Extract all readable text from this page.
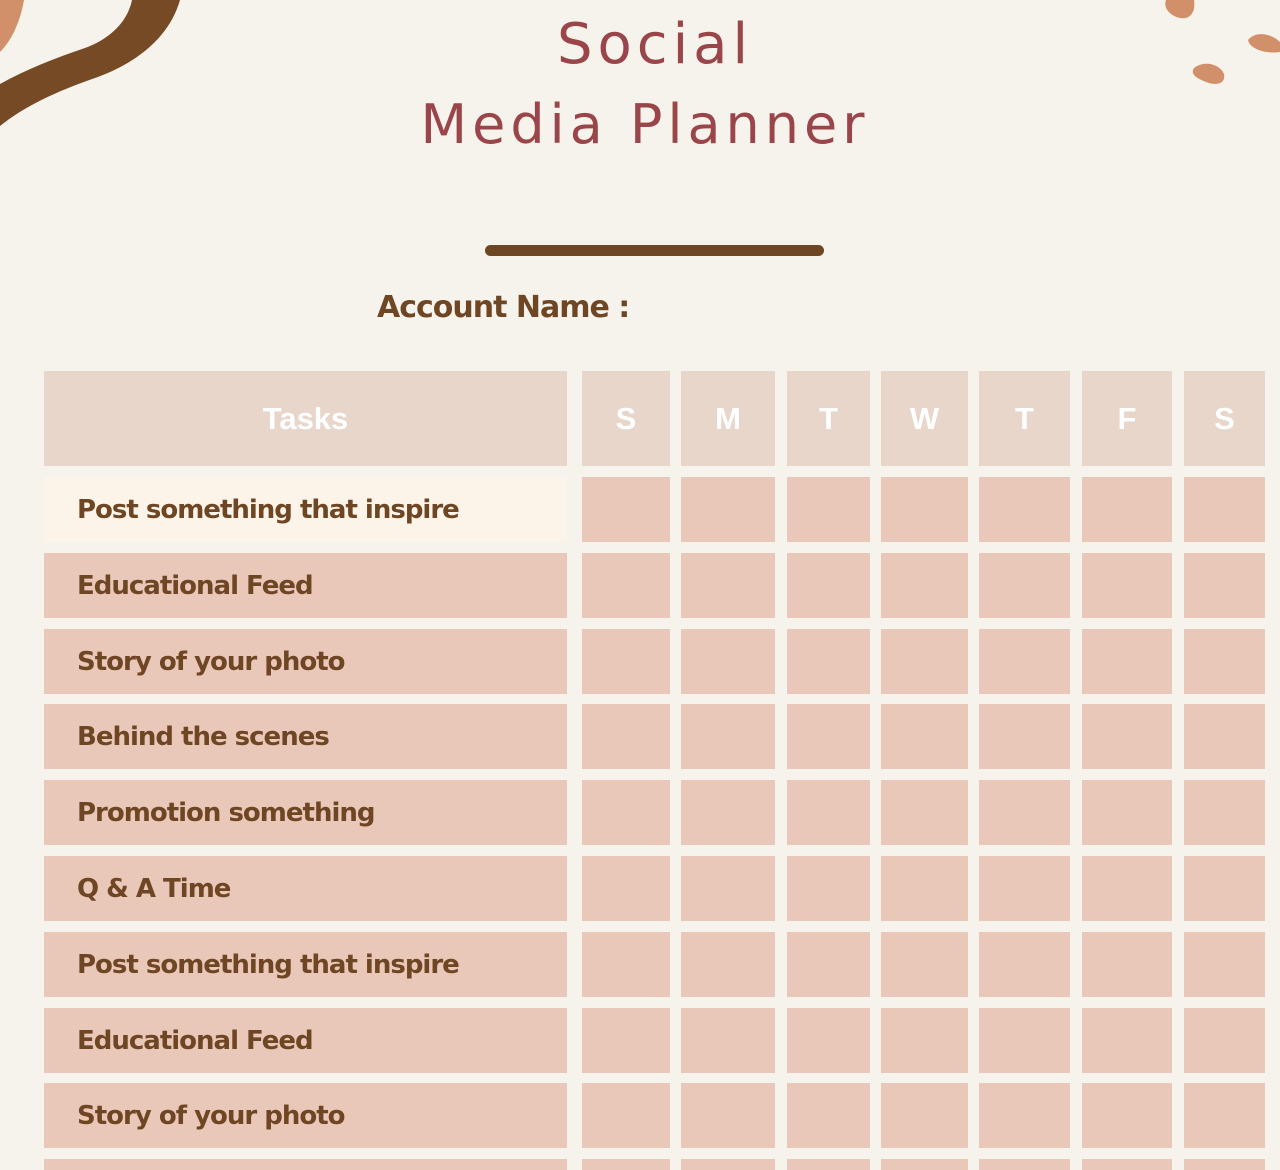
Social
Media Planner
Account Name :
Tasks	S	M	T	W	T	F	S
Post something that inspire
Educational Feed
Story of your photo
Behind the scenes
Promotion something
Q & A Time
Post something that inspire
Educational Feed
Story of your photo
